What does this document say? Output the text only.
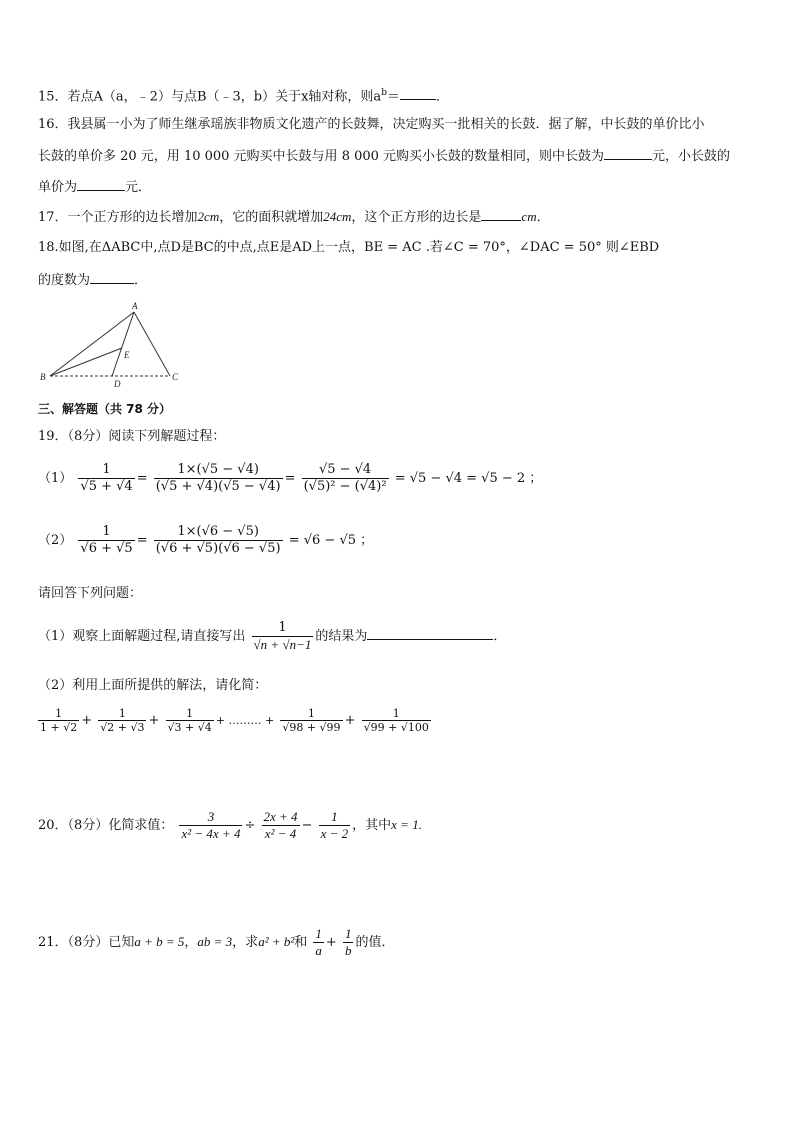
15．若点A（a，﹣2）与点B（﹣3，b）关于x轴对称，则$a^b=$	．
16．我县属一小为了师生继承瑶族非物质文化遗产的长鼓舞，决定购买一批相关的长鼓．据了解，中长鼓的单价比小
长鼓的单价多 20 元，用 10 000 元购买中长鼓与用 8 000 元购买小长鼓的数量相同，则中长鼓为	元，小长鼓的
单价为	元．
17．一个正方形的边长增加2cm，它的面积就增加24cm，这个正方形的边长是	cm．
18.如图,在ΔABC中,点D是BC的中点,点E是AD上一点，BE = AC .若∠C = 70°，∠DAC = 50° 则∠EBD
的度数为	．
A
B	C
D
E
三、解答题（共 78 分）
19．（8分）阅读下列解题过程：
$(1) \frac{1}{√5 + √4} = \frac{1\times(√5 - √4)}{(√5 + √4)(√5 - √4)} = \frac{√5 - √4}{\text{(√5)² − (√4)²}} = √5 - √4 = √5 - 2$ ；
$(2) \frac{1}{√6 + √5} = \frac{1\times(√6 - √5)}{(√6 + √5)(√6 - √5)} = √6 - √5$ ；
请回答下列问题：
（1）观察上面解题过程,请直接写出 $\frac{1}{√n + √n-1}$ 的结果为	．
（2）利用上面所提供的解法，请化简：
$\frac{1}{1 + √2} + \frac{1}{√2 + √3} + \frac{1}{√3 + √4}$ + ……… + $\frac{1}{√98 + √99} + \frac{1}{√99 + √100}$
20．（8分）化简求值： $\frac{3}{\text{x² − 4x + 4}} \div \frac{2x + 4}{\text{x² − 4}} - \frac{1}{x - 2}$ ，其中x = 1.
21．（8分）已知a + b = 5，ab = 3，求a² + b²和 $\frac{1}{a} + \frac{1}{b}$ 的值．
